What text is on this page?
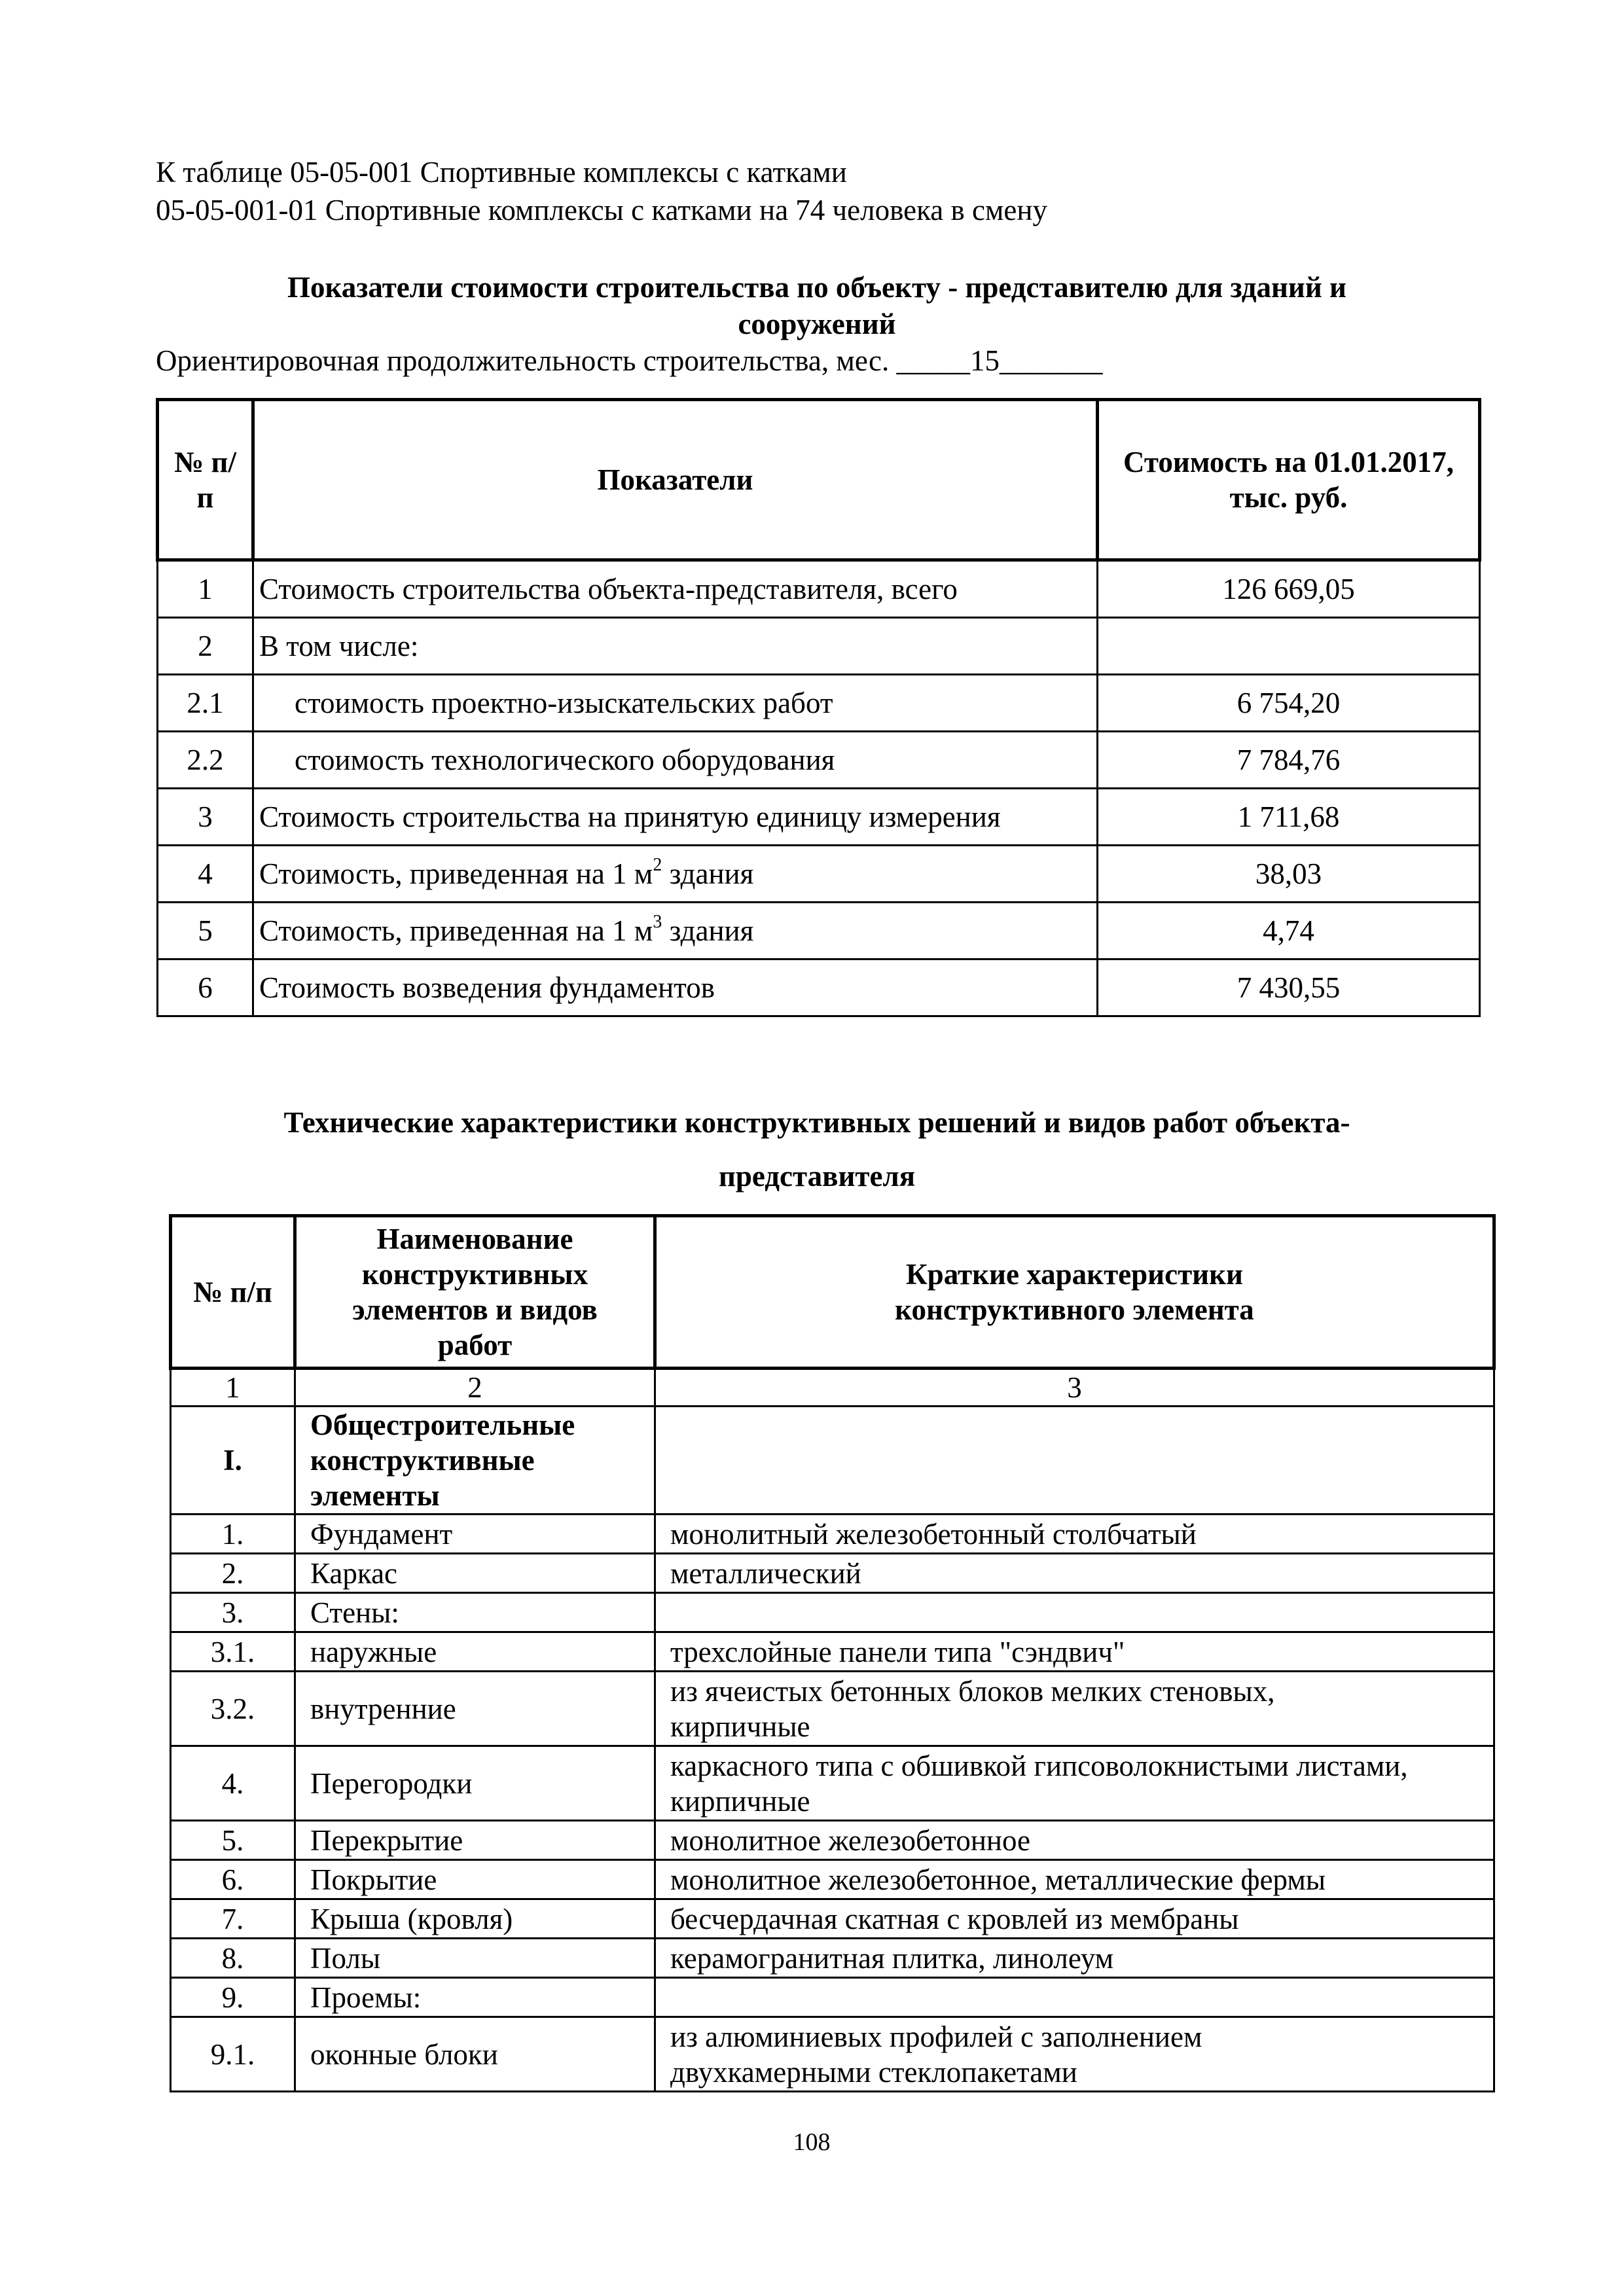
К таблице 05-05-001 Спортивные комплексы с катками
05-05-001-01 Спортивные комплексы с катками на 74 человека в смену
Показатели стоимости строительства по объекту - представителю для зданий и
сооружений
Ориентировочная продолжительность строительства, мес. _____15_______
№ п/п	Показатели	Стоимость на 01.01.2017, тыс. руб.
1	Стоимость строительства объекта-представителя, всего	126 669,05
2	В том числе:	
2.1	стоимость проектно-изыскательских работ	6 754,20
2.2	стоимость технологического оборудования	7 784,76
3	Стоимость строительства на принятую единицу измерения	1 711,68
4	Стоимость, приведенная на 1 $м^2$ здания	38,03
5	Стоимость, приведенная на 1 $м^3$ здания	4,74
6	Стоимость возведения фундаментов	7 430,55
Технические характеристики конструктивных решений и видов работ объекта-
представителя
№ п/п	Наименование конструктивных элементов и видов работ	Краткие характеристики конструктивного элемента
1	2	3
I.	Общестроительные конструктивные элементы	
1.	Фундамент	монолитный железобетонный столбчатый
2.	Каркас	металлический
3.	Стены:	
3.1.	наружные	трехслойные панели типа "сэндвич"
3.2.	внутренние	из ячеистых бетонных блоков мелких стеновых, кирпичные
4.	Перегородки	каркасного типа с обшивкой гипсоволокнистыми листами, кирпичные
5.	Перекрытие	монолитное железобетонное
6.	Покрытие	монолитное железобетонное, металлические фермы
7.	Крыша (кровля)	бесчердачная скатная с кровлей из мембраны
8.	Полы	керамогранитная плитка, линолеум
9.	Проемы:	
9.1.	оконные блоки	из алюминиевых профилей с заполнением двухкамерными стеклопакетами
108
